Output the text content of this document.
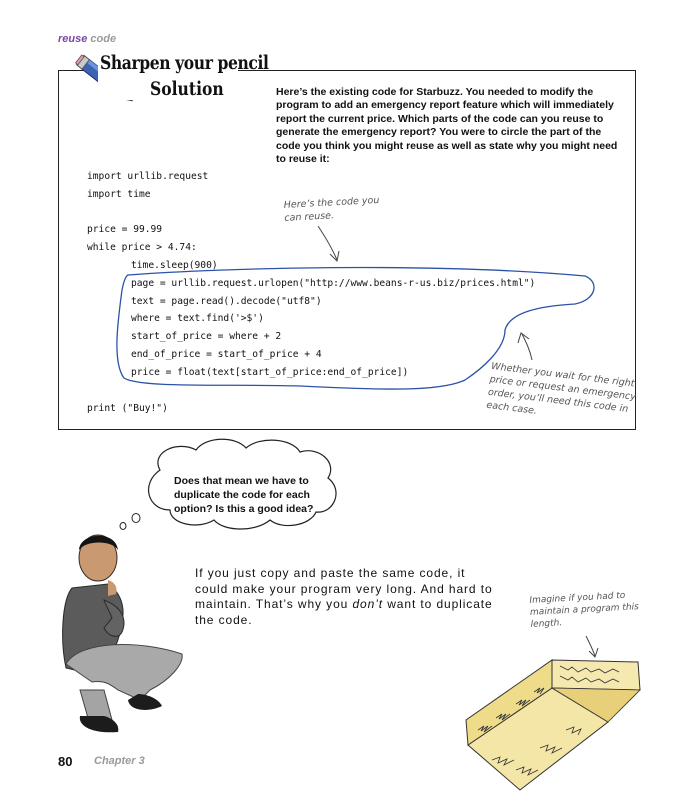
reuse code
Sharpen your pencil
Solution	Here’s the existing code for Starbuzz. You needed to modify the program to add an emergency report feature which will immediately report the current price. Which parts of the code can you reuse to generate the emergency report? You were to circle the part of the code you think you might reuse as well as state why you might need to reuse it:
import urllib.request
import time
price = 99.99
while price > 4.74:
time.sleep(900)
page = urllib.request.urlopen("http://www.beans-r-us.biz/prices.html")
text = page.read().decode("utf8")
where = text.find('>$')
start_of_price = where + 2
end_of_price = start_of_price + 4
price = float(text[start_of_price:end_of_price])
print ("Buy!")
Here’s the code you can reuse.
Whether you wait for the right price or request an emergency order, you’ll need this code in each case.
Does that mean we have to duplicate the code for each option? Is this a good idea?
If you just copy and paste the same code, it could make your program very long. And hard to maintain. That’s why you don’t want to duplicate the code.
Imagine if you had to maintain a program this length.
80 Chapter 3
